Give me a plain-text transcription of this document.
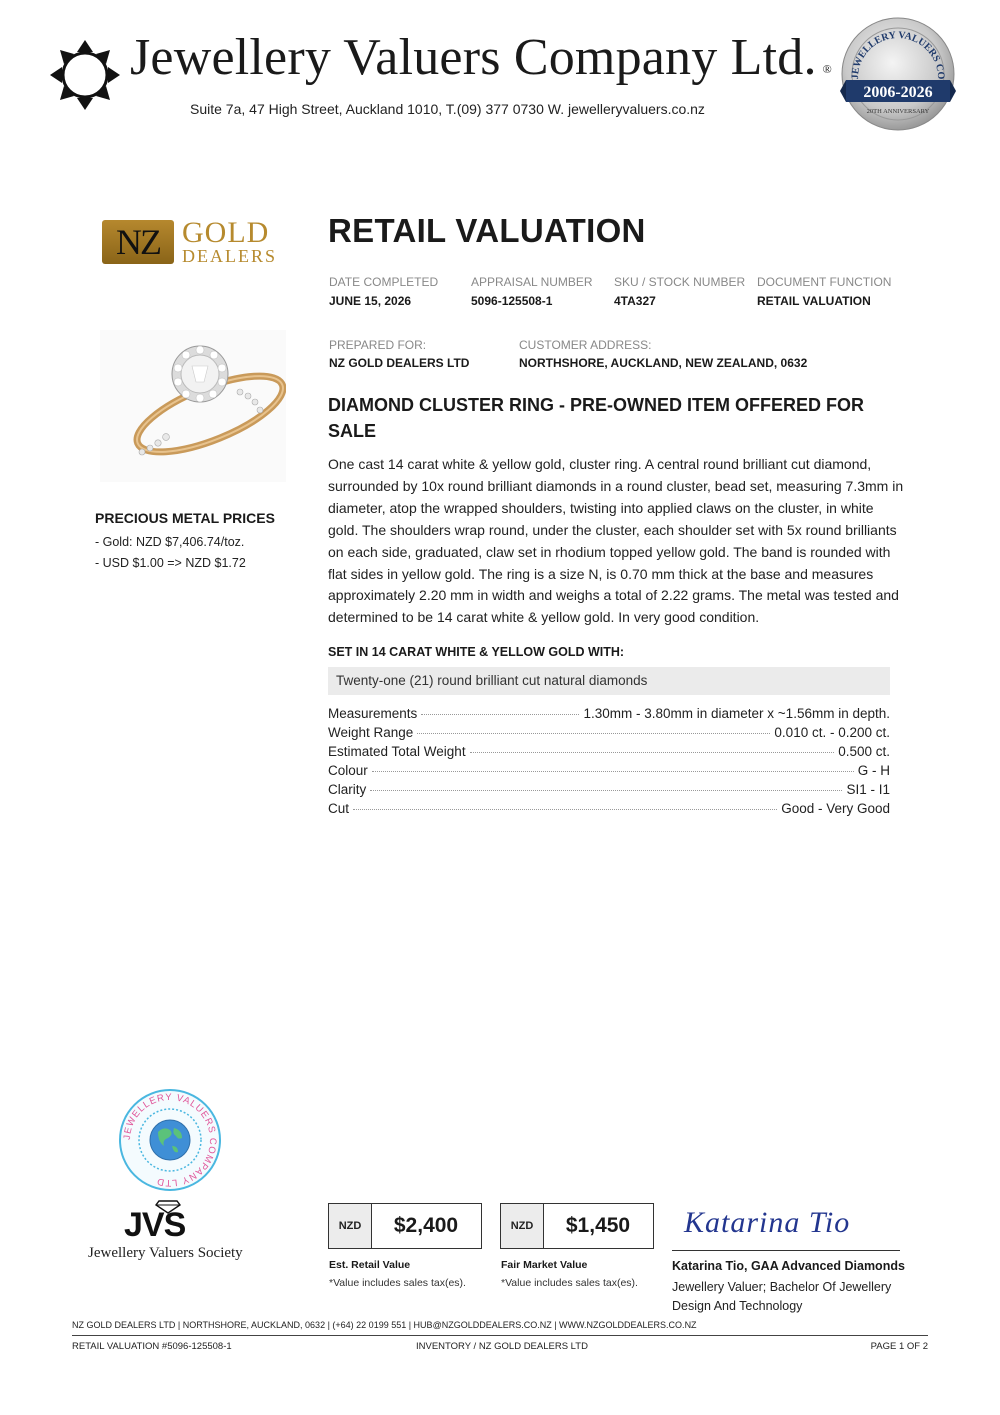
Jewellery Valuers Company Ltd. ®
Suite 7a, 47 High Street, Auckland 1010, T.(09) 377 0730 W. jewelleryvaluers.co.nz
JEWELLERY VALUERS CO
2006-2026
20TH ANNIVERSARY
NZ GOLD
DEALERS
RETAIL VALUATION
DATE COMPLETED
JUNE 15, 2026
APPRAISAL NUMBER
5096-125508-1
SKU / STOCK NUMBER
4TA327
DOCUMENT FUNCTION
RETAIL VALUATION
PREPARED FOR:
NZ GOLD DEALERS LTD
CUSTOMER ADDRESS:
NORTHSHORE, AUCKLAND, NEW ZEALAND, 0632
PRECIOUS METAL PRICES
- Gold: NZD $7,406.74/toz.
- USD $1.00 => NZD $1.72
DIAMOND CLUSTER RING - PRE-OWNED ITEM OFFERED FOR SALE
One cast 14 carat white & yellow gold, cluster ring. A central round brilliant cut diamond, surrounded by 10x round brilliant diamonds in a round cluster, bead set, measuring 7.3mm in diameter, atop the wrapped shoulders, twisting into applied claws on the cluster, in white gold. The shoulders wrap round, under the cluster, each shoulder set with 5x round brilliants on each side, graduated, claw set in rhodium topped yellow gold. The band is rounded with flat sides in yellow gold. The ring is a size N, is 0.70 mm thick at the base and measures approximately 2.20 mm in width and weighs a total of 2.22 grams. The metal was tested and determined to be 14 carat white & yellow gold. In very good condition.
SET IN 14 CARAT WHITE & YELLOW GOLD WITH:
Twenty-one (21) round brilliant cut natural diamonds
Measurements	1.30mm - 3.80mm in diameter x ~1.56mm in depth.
Weight Range	0.010 ct. - 0.200 ct.
Estimated Total Weight	0.500 ct.
Colour	G - H
Clarity	SI1 - I1
Cut	Good - Very Good
JEWELLERY VALUERS COMPANY LTD
JVS
Jewellery Valuers Society
NZD	$2,400
Est. Retail Value
*Value includes sales tax(es).
NZD	$1,450
Fair Market Value
*Value includes sales tax(es).
Katarina Tio
Katarina Tio, GAA Advanced Diamonds
Jewellery Valuer; Bachelor Of Jewellery Design And Technology
NZ GOLD DEALERS LTD | NORTHSHORE, AUCKLAND, 0632 | (+64) 22 0199 551 | HUB@NZGOLDDEALERS.CO.NZ | WWW.NZGOLDDEALERS.CO.NZ
RETAIL VALUATION #5096-125508-1	INVENTORY / NZ GOLD DEALERS LTD	PAGE 1 OF 2
